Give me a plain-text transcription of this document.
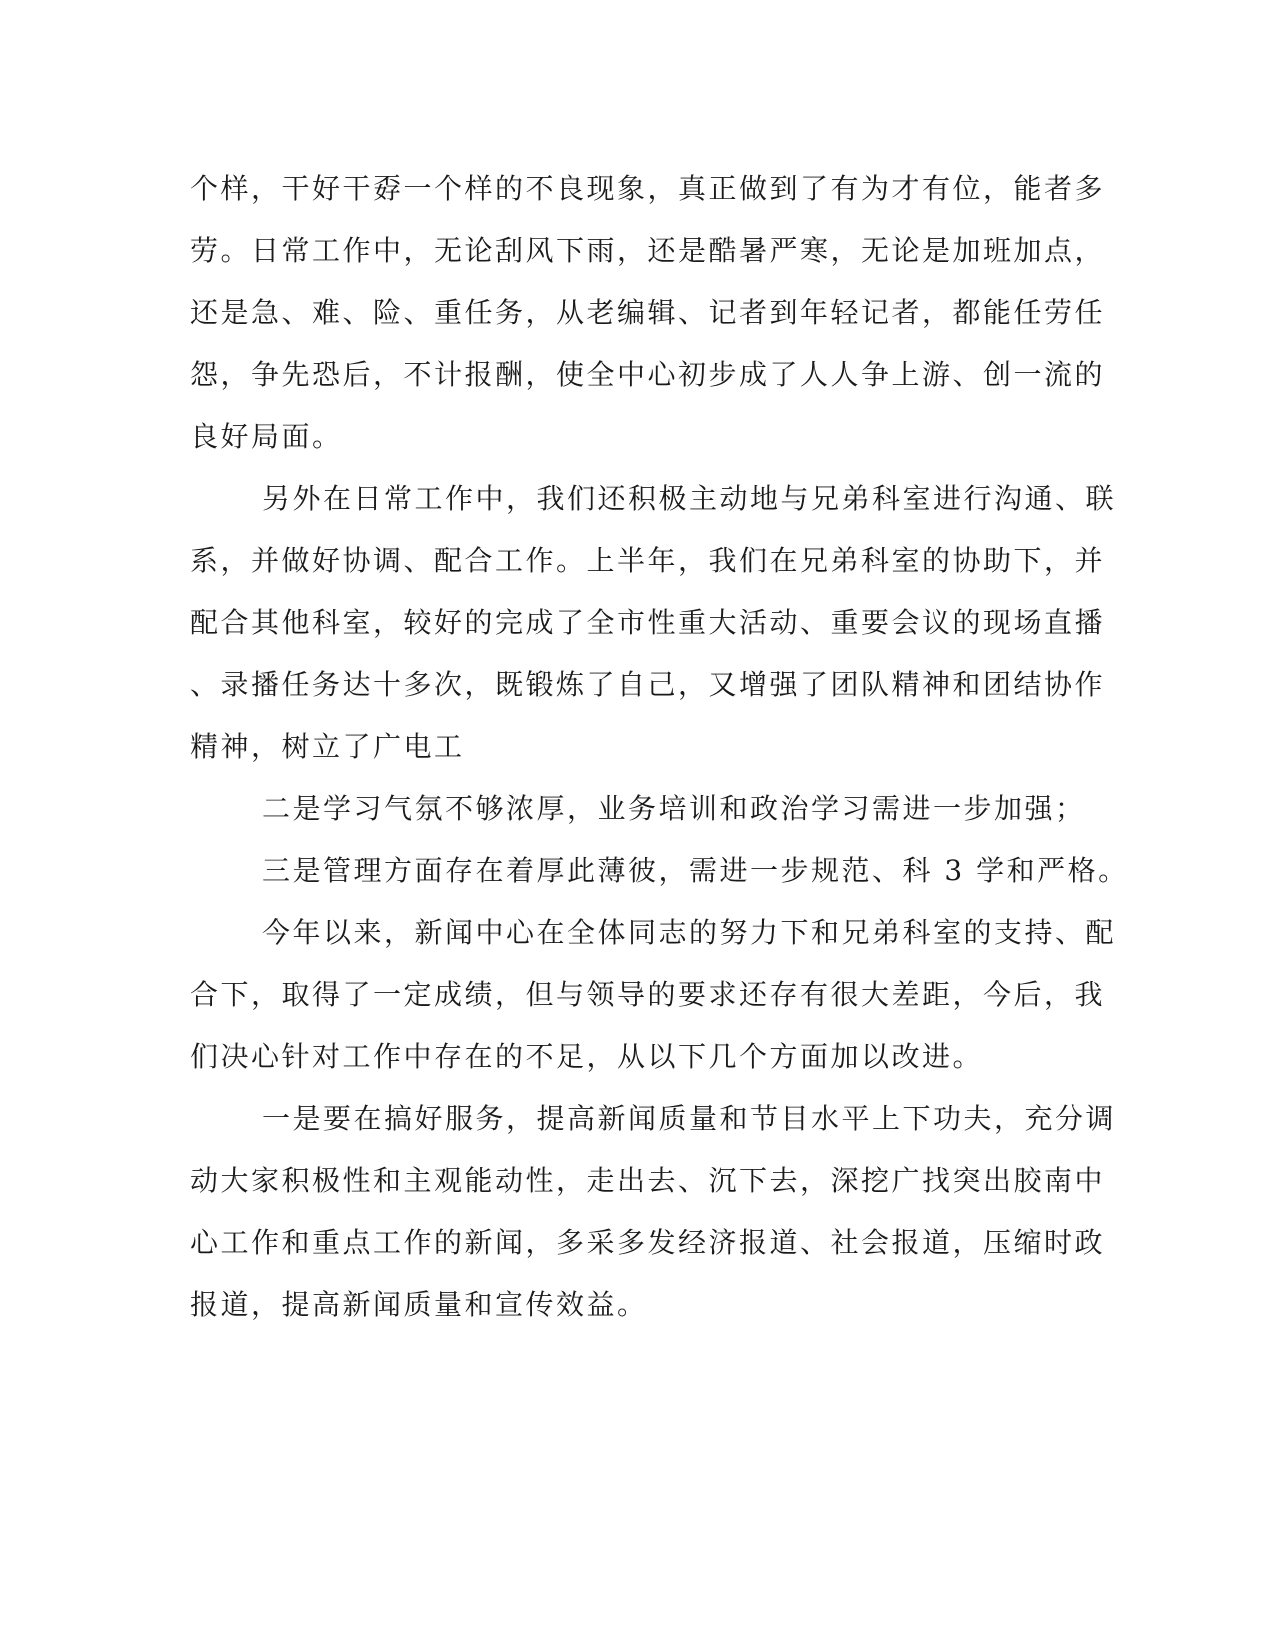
个样，干好干孬一个样的不良现象，真正做到了有为才有位，能者多
劳。日常工作中，无论刮风下雨，还是酷暑严寒，无论是加班加点，
还是急、难、险、重任务，从老编辑、记者到年轻记者，都能任劳任
怨，争先恐后，不计报酬，使全中心初步成了人人争上游、创一流的
良好局面。
另外在日常工作中，我们还积极主动地与兄弟科室进行沟通、联
系，并做好协调、配合工作。上半年，我们在兄弟科室的协助下，并
配合其他科室，较好的完成了全市性重大活动、重要会议的现场直播
、录播任务达十多次，既锻炼了自己，又增强了团队精神和团结协作
精神，树立了广电工
二是学习气氛不够浓厚，业务培训和政治学习需进一步加强；
三是管理方面存在着厚此薄彼，需进一步规范、科 3 学和严格。
今年以来，新闻中心在全体同志的努力下和兄弟科室的支持、配
合下，取得了一定成绩，但与领导的要求还存有很大差距，今后，我
们决心针对工作中存在的不足，从以下几个方面加以改进。
一是要在搞好服务，提高新闻质量和节目水平上下功夫，充分调
动大家积极性和主观能动性，走出去、沉下去，深挖广找突出胶南中
心工作和重点工作的新闻，多采多发经济报道、社会报道，压缩时政
报道，提高新闻质量和宣传效益。
